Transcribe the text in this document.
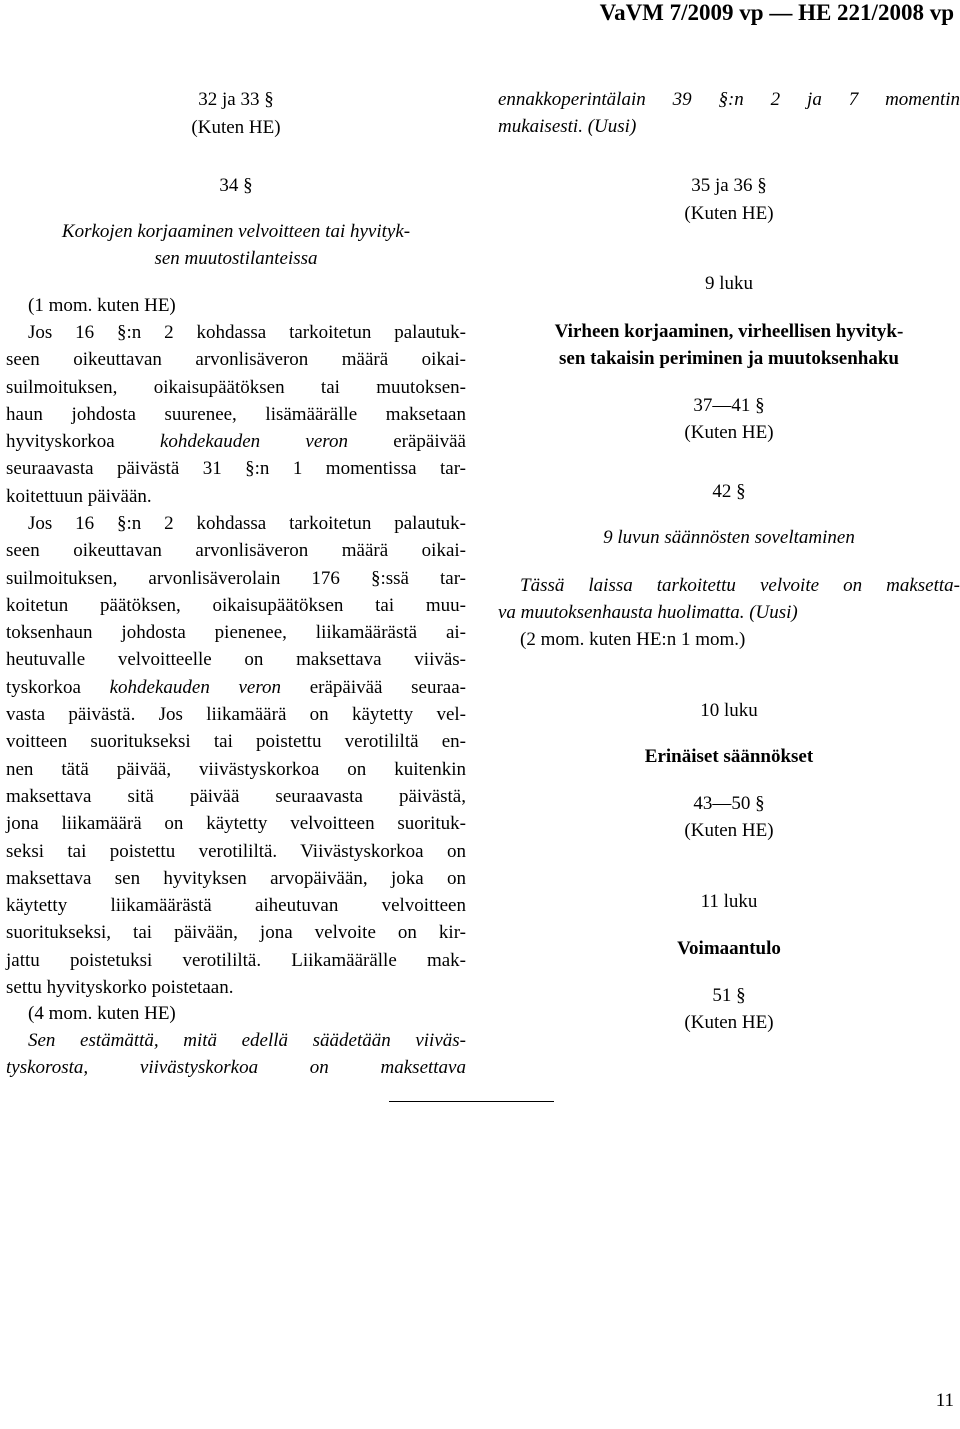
VaVM 7/2009 vp — HE 221/2008 vp
32 ja 33 §
(Kuten HE)
34 §
Korkojen korjaaminen velvoitteen tai hyvityk-
sen muutostilanteissa
(1 mom. kuten HE)
Jos 16 §:n 2 kohdassa tarkoitetun palautuk-
seen oikeuttavan arvonlisäveron määrä oikai-
suilmoituksen, oikaisupäätöksen tai muutoksen-
haun johdosta suurenee, lisämäärälle maksetaan
hyvityskorkoa kohdekauden veron eräpäivää
seuraavasta päivästä 31 §:n 1 momentissa tar-
koitettuun päivään.
Jos 16 §:n 2 kohdassa tarkoitetun palautuk-
seen oikeuttavan arvonlisäveron määrä oikai-
suilmoituksen, arvonlisäverolain 176 §:ssä tar-
koitetun päätöksen, oikaisupäätöksen tai muu-
toksenhaun johdosta pienenee, liikamäärästä ai-
heutuvalle velvoitteelle on maksettava viiväs-
tyskorkoa kohdekauden veron eräpäivää seuraa-
vasta päivästä. Jos liikamäärä on käytetty vel-
voitteen suoritukseksi tai poistettu verotililtä en-
nen tätä päivää, viivästyskorkoa on kuitenkin
maksettava sitä päivää seuraavasta päivästä,
jona liikamäärä on käytetty velvoitteen suorituk-
seksi tai poistettu verotililtä. Viivästyskorkoa on
maksettava sen hyvityksen arvopäivään, joka on
käytetty liikamäärästä aiheutuvan velvoitteen
suoritukseksi, tai päivään, jona velvoite on kir-
jattu poistetuksi verotililtä. Liikamäärälle mak-
settu hyvityskorko poistetaan.
(4 mom. kuten HE)
Sen estämättä, mitä edellä säädetään viiväs-
tyskorosta, viivästyskorkoa on maksettava
ennakkoperintälain 39 §:n 2 ja 7 momentin
mukaisesti. (Uusi)
35 ja 36 §
(Kuten HE)
9 luku
Virheen korjaaminen, virheellisen hyvityk-
sen takaisin periminen ja muutoksenhaku
37—41 §
(Kuten HE)
42 §
9 luvun säännösten soveltaminen
Tässä laissa tarkoitettu velvoite on maksetta-
va muutoksenhausta huolimatta. (Uusi)
(2 mom. kuten HE:n 1 mom.)
10 luku
Erinäiset säännökset
43—50 §
(Kuten HE)
11 luku
Voimaantulo
51 §
(Kuten HE)
11
